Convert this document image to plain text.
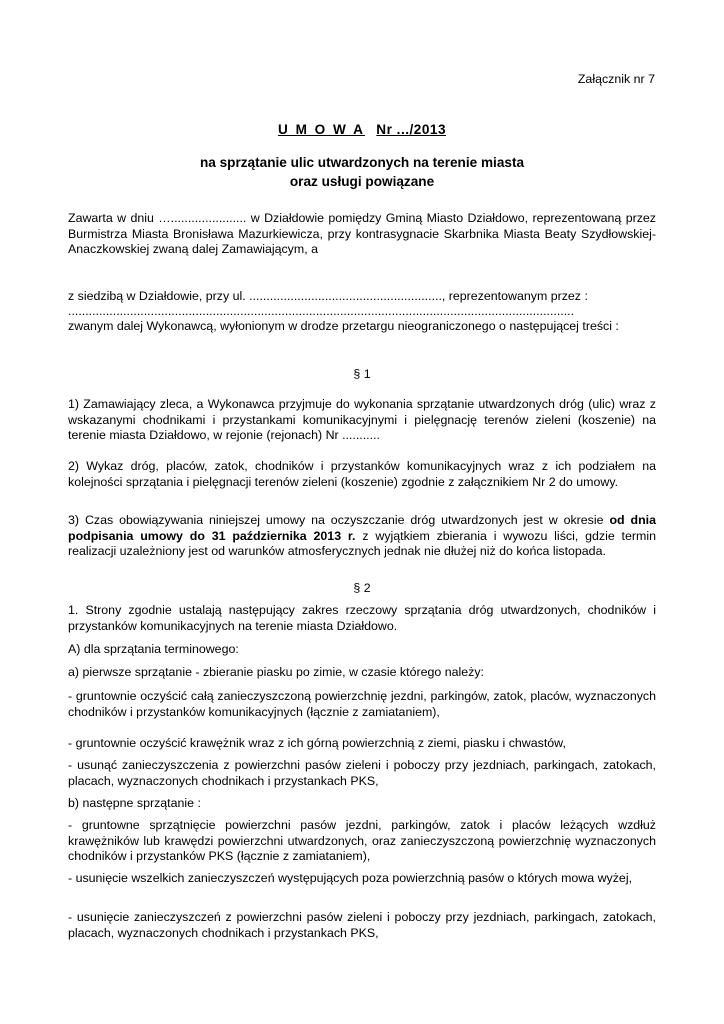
Załącznik nr 7
U M O W A Nr .../2013
na sprzątanie ulic utwardzonych na terenie miasta
oraz usługi powiązane
Zawarta w dniu …...................... w Działdowie pomiędzy Gminą Miasto Działdowo, reprezentowaną przez Burmistrza Miasta Bronisława Mazurkiewicza, przy kontrasygnacie Skarbnika Miasta Beaty Szydłowskiej-Anaczkowskiej zwaną dalej Zamawiającym, a
z siedzibą w Działdowie, przy ul. ........................................................, reprezentowanym przez :
...................................................................................................................................................
zwanym dalej Wykonawcą, wyłonionym w drodze przetargu nieograniczonego o następującej treści :
§ 1
1) Zamawiający zleca, a Wykonawca przyjmuje do wykonania sprzątanie utwardzonych dróg (ulic) wraz z wskazanymi chodnikami i przystankami komunikacyjnymi i pielęgnację terenów zieleni (koszenie) na terenie miasta Działdowo, w rejonie (rejonach) Nr ...........
2) Wykaz dróg, placów, zatok, chodników i przystanków komunikacyjnych wraz z ich podziałem na kolejności sprzątania i pielęgnacji terenów zieleni (koszenie) zgodnie z załącznikiem Nr 2 do umowy.
3) Czas obowiązywania niniejszej umowy na oczyszczanie dróg utwardzonych jest w okresie od dnia podpisania umowy do 31 października 2013 r. z wyjątkiem zbierania i wywozu liści, gdzie termin realizacji uzależniony jest od warunków atmosferycznych jednak nie dłużej niż do końca listopada.
§ 2
1. Strony zgodnie ustalają następujący zakres rzeczowy sprzątania dróg utwardzonych, chodników i przystanków komunikacyjnych na terenie miasta Działdowo.
A) dla sprzątania terminowego:
a) pierwsze sprzątanie - zbieranie piasku po zimie, w czasie którego należy:
- gruntownie oczyścić całą zanieczyszczoną powierzchnię jezdni, parkingów, zatok, placów, wyznaczonych chodników i przystanków komunikacyjnych (łącznie z zamiataniem),
- gruntownie oczyścić krawężnik wraz z ich górną powierzchnią z ziemi, piasku i chwastów,
- usunąć zanieczyszczenia z powierzchni pasów zieleni i poboczy przy jezdniach, parkingach, zatokach, placach, wyznaczonych chodnikach i przystankach PKS,
b) następne sprzątanie :
- gruntowne sprzątnięcie powierzchni pasów jezdni, parkingów, zatok i placów leżących wzdłuż krawężników lub krawędzi powierzchni utwardzonych, oraz zanieczyszczoną powierzchnię wyznaczonych chodników i przystanków PKS (łącznie z zamiataniem),
- usunięcie wszelkich zanieczyszczeń występujących poza powierzchnią pasów o których mowa wyżej,
- usunięcie zanieczyszczeń z powierzchni pasów zieleni i poboczy przy jezdniach, parkingach, zatokach, placach, wyznaczonych chodnikach i przystankach PKS,
